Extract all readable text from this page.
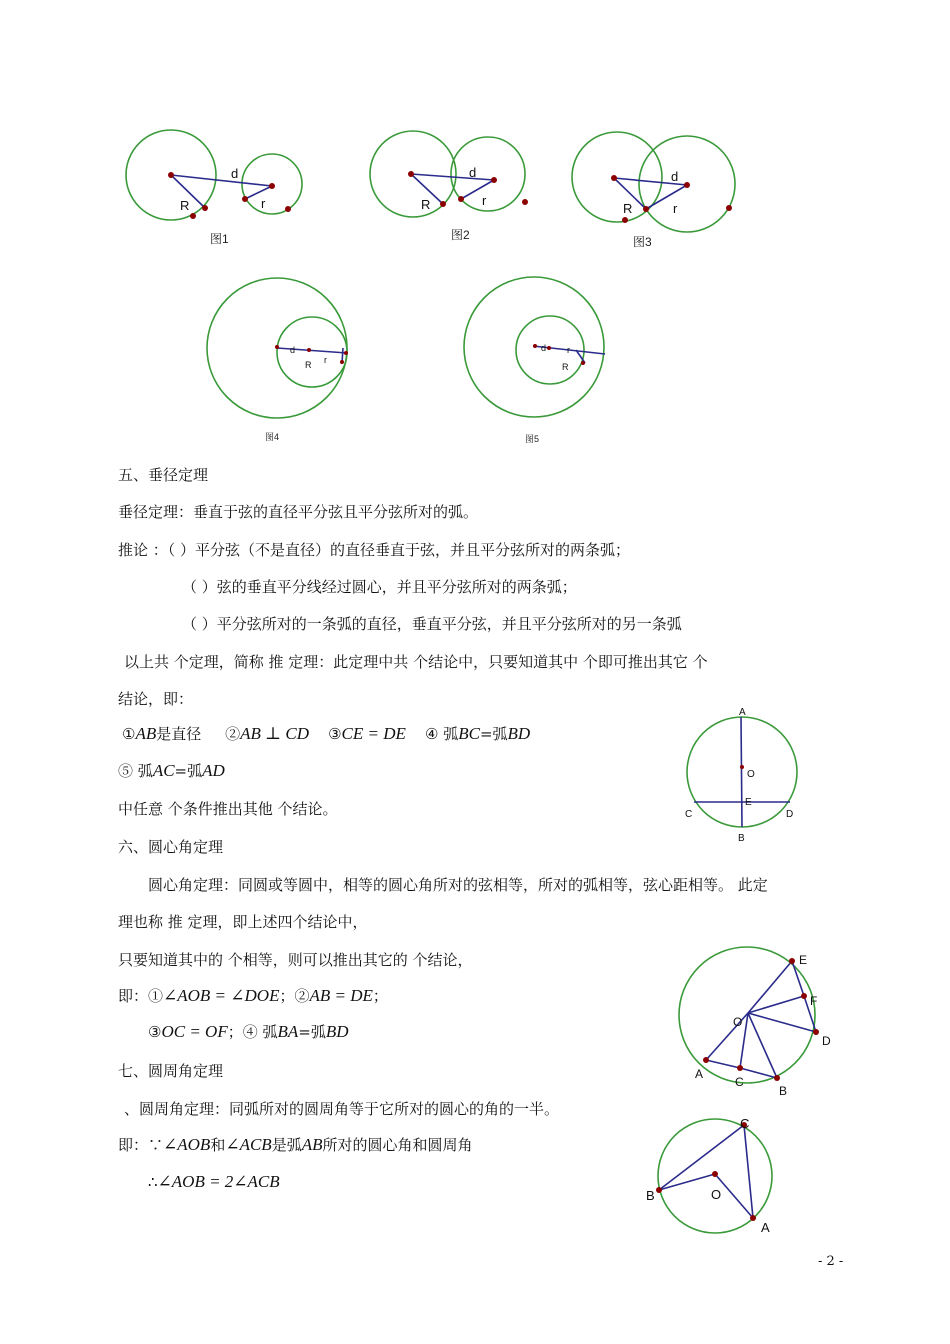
d
R	r
图1
d
R	r
图2
d
R	r
图3
d
R r
图4
d
R
r
图5
五、垂径定理
垂径定理：垂直于弦的直径平分弦且平分弦所对的弧。
推论 ：（ ）平分弦（不是直径）的直径垂直于弦，并且平分弦所对的两条弧；
（ ）弦的垂直平分线经过圆心，并且平分弦所对的两条弧；
（ ）平分弦所对的一条弧的直径，垂直平分弦，并且平分弦所对的另一条弧
以上共 个定理，简称 推 定理：此定理中共 个结论中，只要知道其中 个即可推出其它 个
结论，即：
①AB是直径 ②AB ⊥ CD ③CE = DE ④ 弧BC=弧BD
⑤ 弧AC=弧AD
中任意 个条件推出其他 个结论。
A
B
C	D
E
O
六、圆心角定理
圆心角定理：同圆或等圆中，相等的圆心角所对的弦相等，所对的弧相等，弦心距相等。 此定
理也称 推 定理，即上述四个结论中，
只要知道其中的 个相等，则可以推出其它的 个结论，
即：①∠AOB = ∠DOE；②AB = DE；
③OC = OF；④ 弧BA=弧BD
A
B
C
D
E
F
O
七、圆周角定理
、圆周角定理：同弧所对的圆周角等于它所对的圆心的角的一半。
即：∵∠AOB和∠ACB是弧AB所对的圆心角和圆周角
∴∠AOB = 2∠ACB
A
B
C
O
- 2 -
